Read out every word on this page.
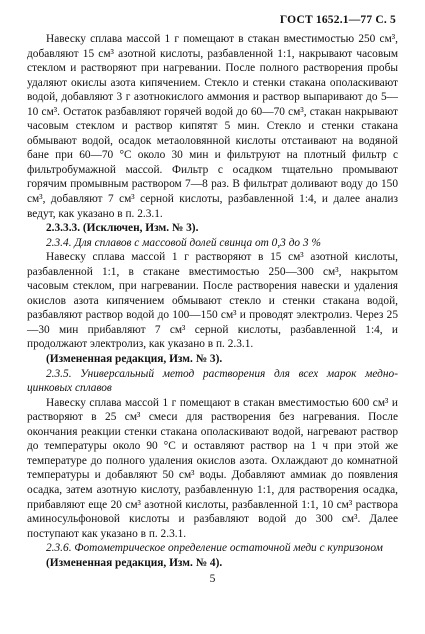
ГОСТ 1652.1—77 С. 5

Навеску сплава массой 1 г помещают в стакан вместимостью 250 см³, добавляют 15 см³ азотной кислоты, разбавленной 1:1, накрывают часовым стеклом и растворяют при нагревании. После полного растворения пробы удаляют окислы азота кипячением. Стекло и стенки стакана ополаскивают водой, добавляют 3 г азотнокислого аммония и раствор выпаривают до 5—10 см³. Остаток разбавляют горячей водой до 60—70 см³, стакан накрывают часовым стеклом и раствор кипятят 5 мин. Стекло и стенки стакана обмывают водой, осадок метаоловянной кислоты отстаивают на водяной бане при 60—70 °С около 30 мин и фильтруют на плотный фильтр с фильтробумажной массой. Фильтр с осадком тщательно промывают горячим промывным раствором 7—8 раз. В фильтрат доливают воду до 150 см³, добавляют 7 см³ серной кислоты, разбавленной 1:4, и далее анализ ведут, как указано в п. 2.3.1.

2.3.3.3. (Исключен, Изм. № 3).

2.3.4. Для сплавов с массовой долей свинца от 0,3 до 3 %

Навеску сплава массой 1 г растворяют в 15 см³ азотной кислоты, разбавленной 1:1, в стакане вместимостью 250—300 см³, накрытом часовым стеклом, при нагревании. После растворения навески и удаления окислов азота кипячением обмывают стекло и стенки стакана водой, разбавляют раствор водой до 100—150 см³ и проводят электролиз. Через 25—30 мин прибавляют 7 см³ серной кислоты, разбавленной 1:4, и продолжают электролиз, как указано в п. 2.3.1.

(Измененная редакция, Изм. № 3).

2.3.5. Универсальный метод растворения для всех марок медно-цинковых сплавов

Навеску сплава массой 1 г помещают в стакан вместимостью 600 см³ и растворяют в 25 см³ смеси для растворения без нагревания. После окончания реакции стенки стакана ополаскивают водой, нагревают раствор до температуры около 90 °С и оставляют раствор на 1 ч при этой же температуре до полного удаления окислов азота. Охлаждают до комнатной температуры и добавляют 50 см³ воды. Добавляют аммиак до появления осадка, затем азотную кислоту, разбавленную 1:1, для растворения осадка, прибавляют еще 20 см³ азотной кислоты, разбавленной 1:1, 10 см³ раствора аминосульфоновой кислоты и разбавляют водой до 300 см³. Далее поступают как указано в п. 2.3.1.

2.3.6. Фотометрическое определение остаточной меди с купризоном

(Измененная редакция, Изм. № 4).

5
